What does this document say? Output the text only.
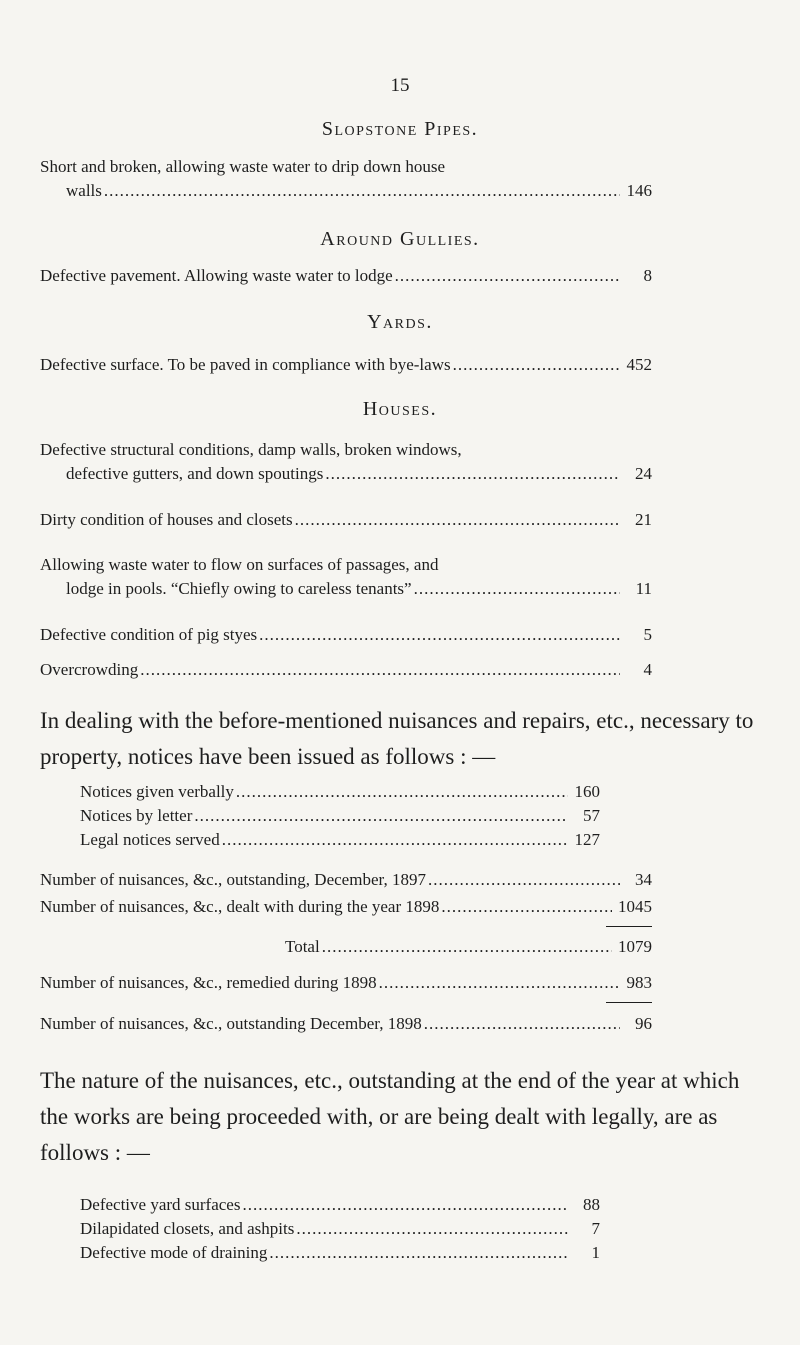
15
Slopstone Pipes.
Short and broken, allowing waste water to drip down house
walls .....	146
Around Gullies.
Defective pavement. Allowing waste water to lodge .....	8
Yards.
Defective surface. To be paved in compliance with bye-laws .....	452
Houses.
Defective structural conditions, damp walls, broken windows,
defective gutters, and down spoutings .....	24
Dirty condition of houses and closets .....	21
Allowing waste water to flow on surfaces of passages, and
lodge in pools. “Chiefly owing to careless tenants” .....	11
Defective condition of pig styes .....	5
Overcrowding .....	4
In dealing with the before-mentioned nuisances and repairs, etc., necessary to property, notices have been issued as follows : —
Notices given verbally .....	160
Notices by letter .....	57
Legal notices served .....	127
Number of nuisances, &c., outstanding, December, 1897 .....	34
Number of nuisances, &c., dealt with during the year 1898 .....	1045
Total .....	1079
Number of nuisances, &c., remedied during 1898 .....	983
Number of nuisances, &c., outstanding December, 1898 .....	96
The nature of the nuisances, etc., outstanding at the end of the year at which the works are being proceeded with, or are being dealt with legally, are as follows : —
Defective yard surfaces .....	88
Dilapidated closets, and ashpits .....	7
Defective mode of draining .....	1
